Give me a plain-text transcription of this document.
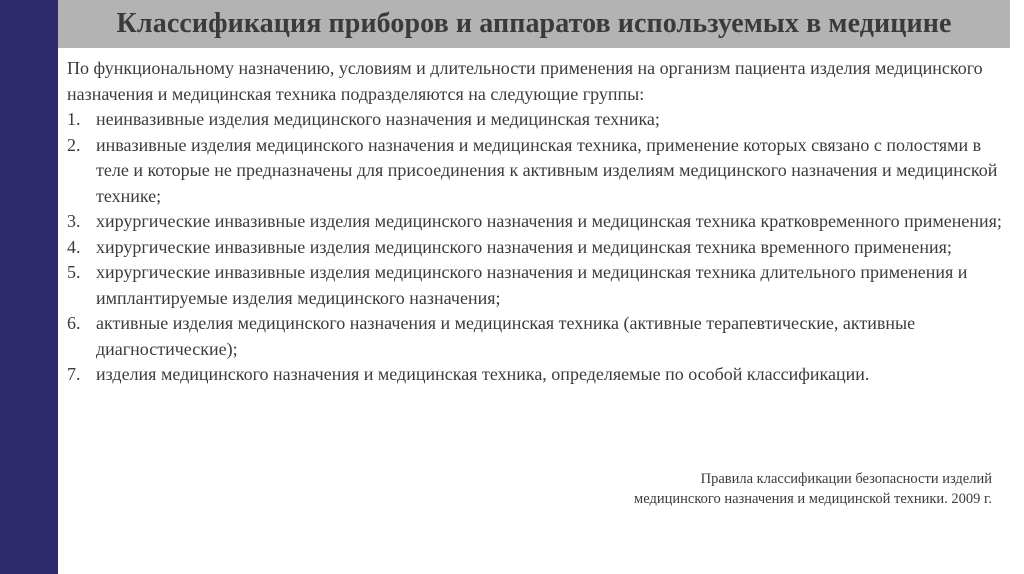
Классификация приборов и аппаратов используемых в медицине

По функциональному назначению, условиям и длительности применения на организм пациента изделия медицинского назначения и медицинская техника подразделяются на следующие группы:

1. неинвазивные изделия медицинского назначения и медицинская техника;
2. инвазивные изделия медицинского назначения и медицинская техника, применение которых связано с полостями в теле и которые не предназначены для присоединения к активным изделиям медицинского назначения и медицинской технике;
3. хирургические инвазивные изделия медицинского назначения и медицинская техника кратковременного применения;
4. хирургические инвазивные изделия медицинского назначения и медицинская техника временного применения;
5. хирургические инвазивные изделия медицинского назначения и медицинская техника длительного применения и имплантируемые изделия медицинского назначения;
6. активные изделия медицинского назначения и медицинская техника (активные терапевтические, активные диагностические);
7. изделия медицинского назначения и медицинская техника, определяемые по особой классификации.
Правила классификации безопасности изделий
медицинского назначения и медицинской техники. 2009 г.
